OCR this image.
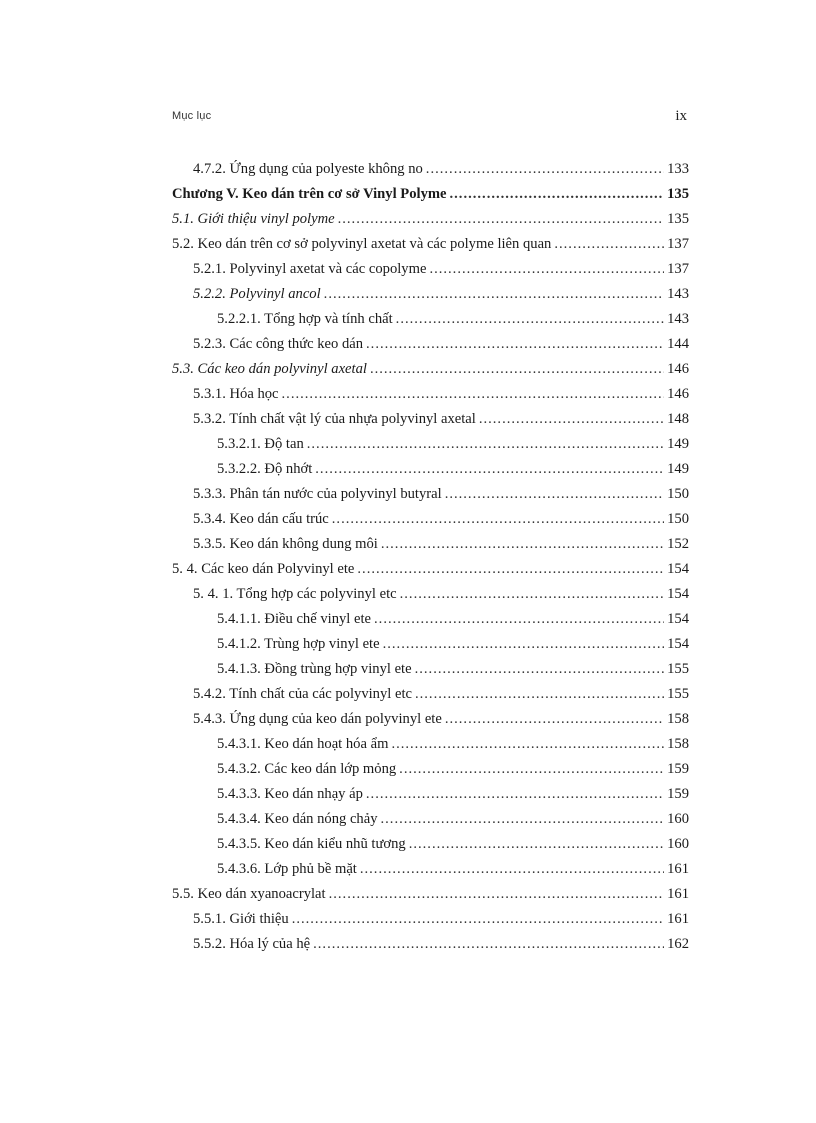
Mục lục	ix
4.7.2. Ứng dụng của polyeste không no .....	133
Chương V. Keo dán trên cơ sở Vinyl Polyme .....	135
5.1. Giới thiệu vinyl polyme .....	135
5.2. Keo dán trên cơ sở polyvinyl axetat và các polyme liên quan .....	137
5.2.1. Polyvinyl axetat và các copolyme .....	137
5.2.2. Polyvinyl ancol .....	143
5.2.2.1. Tổng hợp và tính chất .....	143
5.2.3. Các công thức keo dán .....	144
5.3. Các keo dán polyvinyl axetal .....	146
5.3.1. Hóa học .....	146
5.3.2. Tính chất vật lý của nhựa polyvinyl axetal .....	148
5.3.2.1. Độ tan .....	149
5.3.2.2. Độ nhớt .....	149
5.3.3. Phân tán nước của polyvinyl butyral .....	150
5.3.4. Keo dán cấu trúc .....	150
5.3.5. Keo dán không dung môi .....	152
5. 4. Các keo dán Polyvinyl ete .....	154
5. 4. 1. Tổng hợp các polyvinyl etc .....	154
5.4.1.1. Điều chế vinyl ete .....	154
5.4.1.2. Trùng hợp vinyl ete .....	154
5.4.1.3. Đồng trùng hợp vinyl ete .....	155
5.4.2. Tính chất của các polyvinyl etc .....	155
5.4.3. Ứng dụng của keo dán polyvinyl ete .....	158
5.4.3.1. Keo dán hoạt hóa ẩm .....	158
5.4.3.2. Các keo dán lớp mỏng .....	159
5.4.3.3. Keo dán nhạy áp .....	159
5.4.3.4. Keo dán nóng chảy .....	160
5.4.3.5. Keo dán kiểu nhũ tương .....	160
5.4.3.6. Lớp phủ bề mặt .....	161
5.5. Keo dán xyanoacrylat .....	161
5.5.1. Giới thiệu .....	161
5.5.2. Hóa lý của hệ .....	162
